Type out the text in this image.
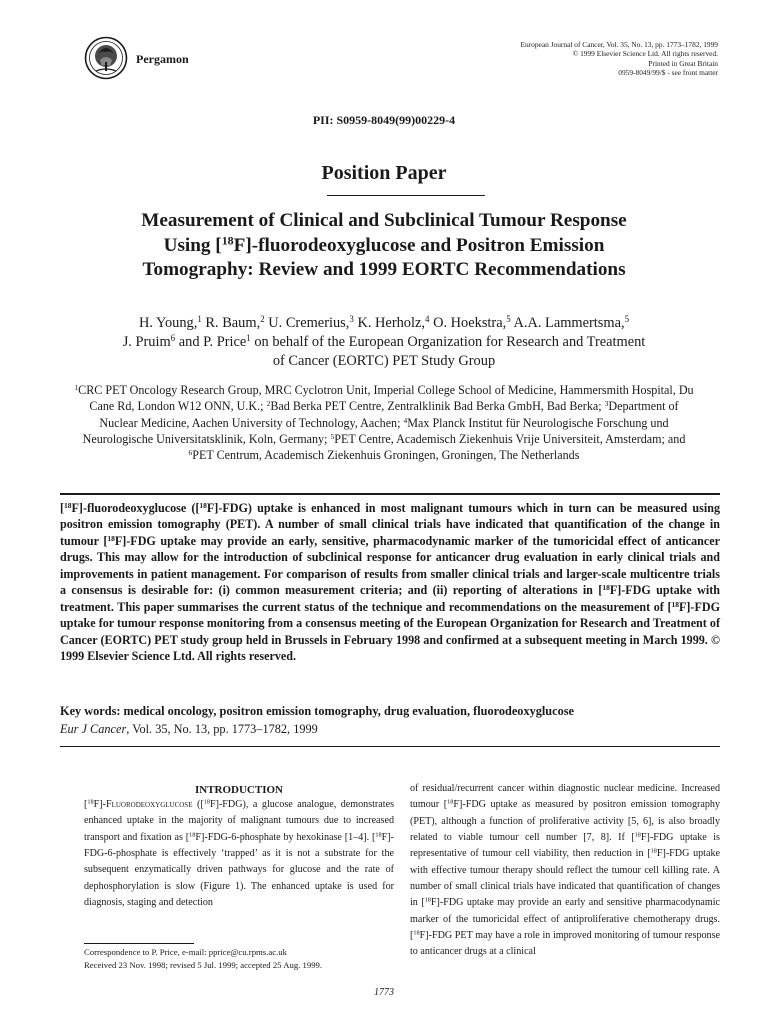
Pergamon
European Journal of Cancer, Vol. 35, No. 13, pp. 1773–1782, 1999
© 1999 Elsevier Science Ltd. All rights reserved.
Printed in Great Britain
0959-8049/99/$ - see front matter
PII: S0959-8049(99)00229-4
Position Paper
Measurement of Clinical and Subclinical Tumour Response
Using [$^{18}$F]-fluorodeoxyglucose and Positron Emission
Tomography: Review and 1999 EORTC Recommendations
H. Young,$^1$ R. Baum,$^2$ U. Cremerius,$^3$ K. Herholz,$^4$ O. Hoekstra,$^5$ A.A. Lammertsma,$^5$
J. Pruim$^6$ and P. Price$^1$ on behalf of the European Organization for Research and Treatment
of Cancer (EORTC) PET Study Group
$^1$CRC PET Oncology Research Group, MRC Cyclotron Unit, Imperial College School of Medicine, Hammersmith Hospital, Du Cane Rd, London W12 ONN, U.K.; $^2$Bad Berka PET Centre, Zentralklinik Bad Berka GmbH, Bad Berka; $^3$Department of Nuclear Medicine, Aachen University of Technology, Aachen; $^4$Max Planck Institut für Neurologische Forschung und Neurologische Universitatsklinik, Koln, Germany; $^5$PET Centre, Academisch Ziekenhuis Vrije Universiteit, Amsterdam; and $^6$PET Centrum, Academisch Ziekenhuis Groningen, Groningen, The Netherlands
[$^{18}$F]-fluorodeoxyglucose ([$^{18}$F]-FDG) uptake is enhanced in most malignant tumours which in turn can be measured using positron emission tomography (PET). A number of small clinical trials have indicated that quantification of the change in tumour [$^{18}$F]-FDG uptake may provide an early, sensitive, pharmacodynamic marker of the tumoricidal effect of anticancer drugs. This may allow for the introduction of subclinical response for anticancer drug evaluation in early clinical trials and improvements in patient management. For comparison of results from smaller clinical trials and larger-scale multicentre trials a consensus is desirable for: (i) common measurement criteria; and (ii) reporting of alterations in [$^{18}$F]-FDG uptake with treatment. This paper summarises the current status of the technique and recommendations on the measurement of [$^{18}$F]-FDG uptake for tumour response monitoring from a consensus meeting of the European Organization for Research and Treatment of Cancer (EORTC) PET study group held in Brussels in February 1998 and confirmed at a subsequent meeting in March 1999. © 1999 Elsevier Science Ltd. All rights reserved.
Key words: medical oncology, positron emission tomography, drug evaluation, fluorodeoxyglucose
Eur J Cancer, Vol. 35, No. 13, pp. 1773–1782, 1999
INTRODUCTION
[$^{18}$F]-Fluorodeoxyglucose ([$^{18}$F]-FDG), a glucose analogue, demonstrates enhanced uptake in the majority of malignant tumours due to increased transport and fixation as [$^{18}$F]-FDG-6-phosphate by hexokinase [1–4]. [$^{18}$F]-FDG-6-phosphate is effectively ‘trapped’ as it is not a substrate for the subsequent enzymatically driven pathways for glucose and the rate of dephosphorylation is slow (Figure 1). The enhanced uptake is used for diagnosis, staging and detection
of residual/recurrent cancer within diagnostic nuclear medicine. Increased tumour [$^{18}$F]-FDG uptake as measured by positron emission tomography (PET), although a function of proliferative activity [5, 6], is also broadly related to viable tumour cell number [7, 8]. If [$^{18}$F]-FDG uptake is representative of tumour cell viability, then reduction in [$^{18}$F]-FDG uptake with effective tumour therapy should reflect the tumour cell killing rate. A number of small clinical trials have indicated that quantification of changes in [$^{18}$F]-FDG uptake may provide an early and sensitive pharmacodynamic marker of the tumoricidal effect of antiproliferative chemotherapy drugs. [$^{18}$F]-FDG PET may have a role in improved monitoring of tumour response to anticancer drugs at a clinical
Correspondence to P. Price, e-mail: pprice@cu.rpms.ac.uk
Received 23 Nov. 1998; revised 5 Jul. 1999; accepted 25 Aug. 1999.
1773
